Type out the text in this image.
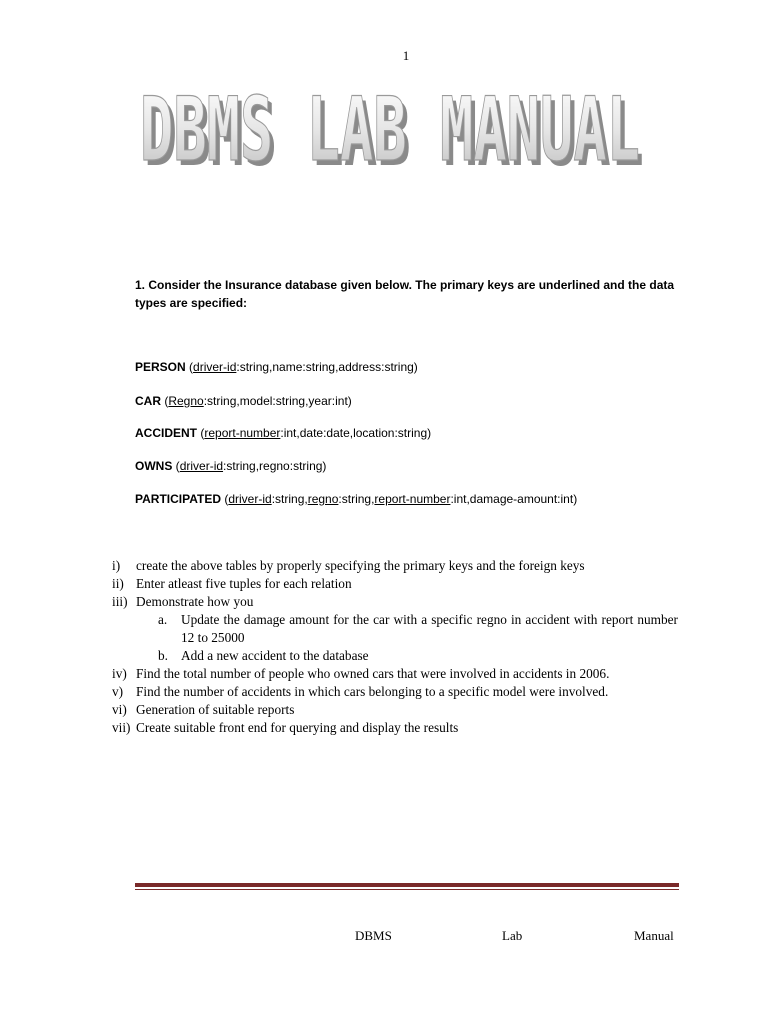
1
DBMS LAB MANUAL
DBMS LAB MANUAL
1. Consider the Insurance database given below. The primary keys are underlined and the data types are specified:
PERSON (driver-id:string,name:string,address:string)
CAR (Regno:string,model:string,year:int)
ACCIDENT (report-number:int,date:date,location:string)
OWNS (driver-id:string,regno:string)
PARTICIPATED (driver-id:string,regno:string,report-number:int,damage-amount:int)
i)	create the above tables by properly specifying the primary keys and the foreign keys
ii) Enter atleast five tuples for each relation
iii) Demonstrate how you
a.	Update the damage amount for the car with a specific regno in accident with report number 12 to 25000
b. Add a new accident to the database
iv) Find the total number of people who owned cars that were involved in accidents in 2006.
v) Find the number of accidents in which cars belonging to a specific model were involved.
vi) Generation of suitable reports
vii) Create suitable front end for querying and display the results
DBMS	Lab	Manual
